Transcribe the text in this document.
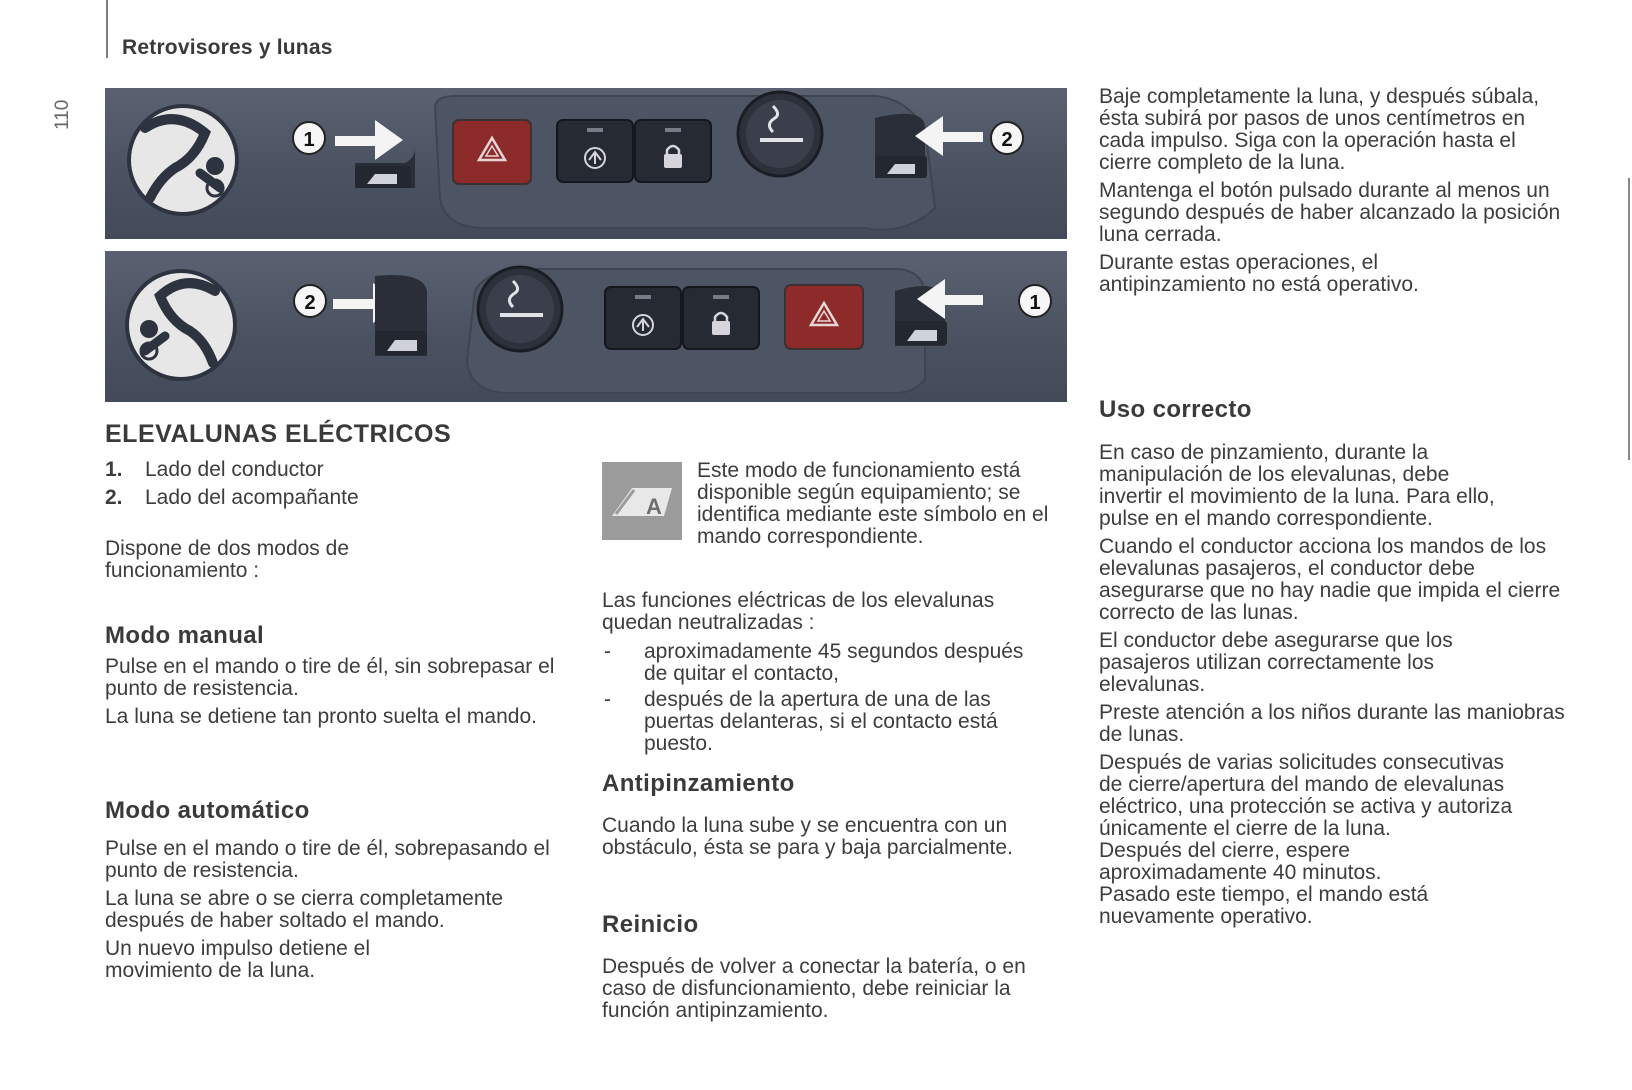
Retrovisores y lunas
110
1	2
2	1
ELEVALUNAS ELÉCTRICOS
1. Lado del conductor
2. Lado del acompañante
Dispone de dos modos de funcionamiento :
Modo manual

Pulse en el mando o tire de él, sin sobrepasar el punto de resistencia.

La luna se detiene tan pronto suelta el mando.

Modo automático

Pulse en el mando o tire de él, sobrepasando el punto de resistencia.

La luna se abre o se cierra completamente después de haber soltado el mando.

Un nuevo impulso detiene el movimiento de la luna.

A
Este modo de funcionamiento está disponible según equipamiento; se identifica mediante este símbolo en el mando correspondiente.
Las funciones eléctricas de los elevalunas quedan neutralizadas :
- aproximadamente 45 segundos después de quitar el contacto,
- después de la apertura de una de las puertas delanteras, si el contacto está puesto.
Antipinzamiento
Cuando la luna sube y se encuentra con un obstáculo, ésta se para y baja parcialmente.
Reinicio
Después de volver a conectar la batería, o en caso de disfuncionamiento, debe reiniciar la función antipinzamiento.

Baje completamente la luna, y después súbala, ésta subirá por pasos de unos centímetros en cada impulso. Siga con la operación hasta el cierre completo de la luna.

Mantenga el botón pulsado durante al menos un segundo después de haber alcanzado la posición luna cerrada.

Durante estas operaciones, el antipinzamiento no está operativo.

Uso correcto

En caso de pinzamiento, durante la manipulación de los elevalunas, debe invertir el movimiento de la luna. Para ello, pulse en el mando correspondiente.

Cuando el conductor acciona los mandos de los elevalunas pasajeros, el conductor debe asegurarse que no hay nadie que impida el cierre correcto de las lunas.

El conductor debe asegurarse que los pasajeros utilizan correctamente los elevalunas.

Preste atención a los niños durante las maniobras de lunas.

Después de varias solicitudes consecutivas de cierre/apertura del mando de elevalunas eléctrico, una protección se activa y autoriza únicamente el cierre de la luna.

Después del cierre, espere aproximadamente 40 minutos.

Pasado este tiempo, el mando está nuevamente operativo.
